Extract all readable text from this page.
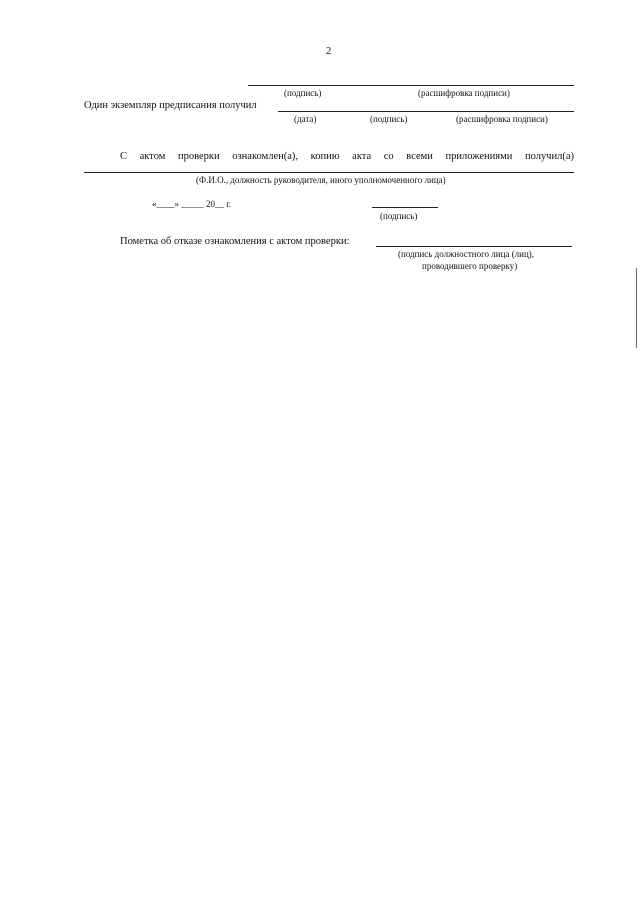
2
(подпись)	(расшифровка подписи)
Один экземпляр предписания получил
(дата)	(подпись)	(расшифровка подписи)
С актом проверки ознакомлен(а), копию акта со всеми приложениями получил(а)
(Ф.И.О., должность руководителя, иного уполномоченного лица)
«____» _____ 20__ г.
(подпись)
Пометка об отказе ознакомления с актом проверки:
(подпись должностного лица (лиц),
проводившего проверку)
